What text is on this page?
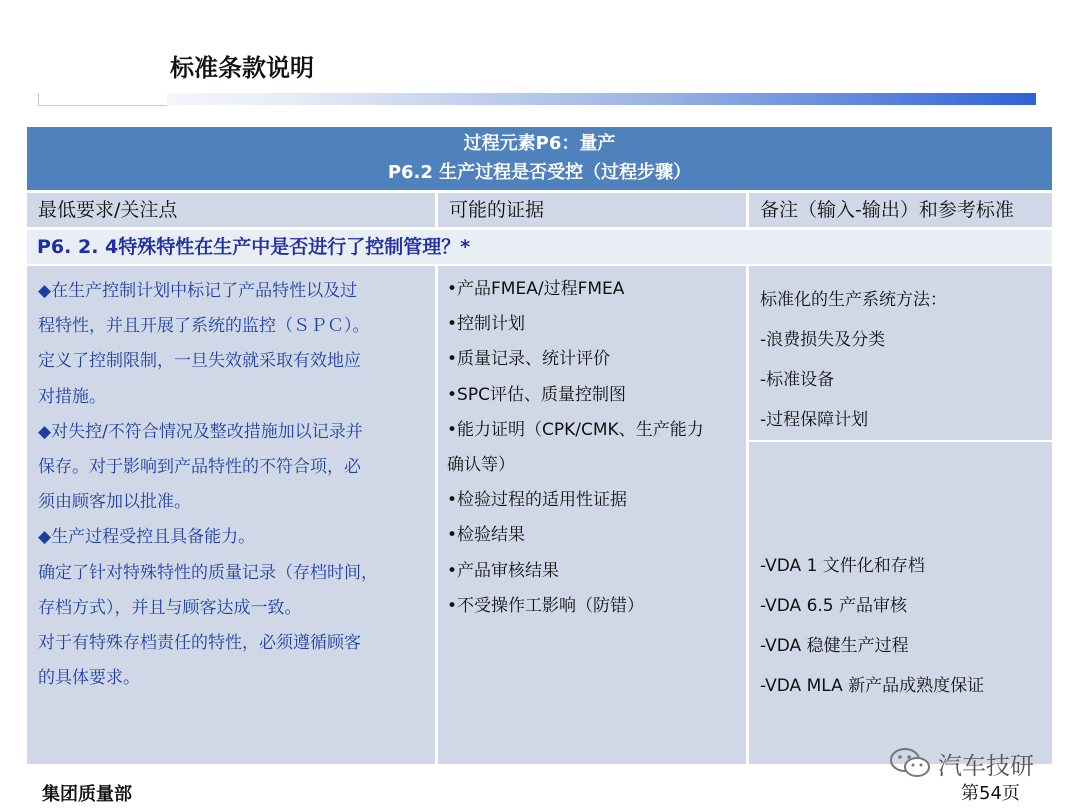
标准条款说明
过程元素P6：量产
P6.2 生产过程是否受控（过程步骤）
最低要求/关注点	可能的证据	备注（输入-输出）和参考标准
P6. 2. 4特殊特性在生产中是否进行了控制管理？*
◆在生产控制计划中标记了产品特性以及过
程特性，并且开展了系统的监控（ＳＰＣ）。
定义了控制限制，一旦失效就采取有效地应
对措施。
◆对失控/不符合情况及整改措施加以记录并
保存。对于影响到产品特性的不符合项，必
须由顾客加以批准。
◆生产过程受控且具备能力。
确定了针对特殊特性的质量记录（存档时间，
存档方式），并且与顾客达成一致。
对于有特殊存档责任的特性，必须遵循顾客
的具体要求。
•产品FMEA/过程FMEA
•控制计划
•质量记录、统计评价
•SPC评估、质量控制图
•能力证明（CPK/CMK、生产能力
确认等）
•检验过程的适用性证据
•检验结果
•产品审核结果
•不受操作工影响（防错）
标准化的生产系统方法：
-浪费损失及分类
-标准设备
-过程保障计划
-VDA 1 文件化和存档
-VDA 6.5 产品审核
-VDA 稳健生产过程
-VDA MLA 新产品成熟度保证
集团质量部
汽车技研
第54页
